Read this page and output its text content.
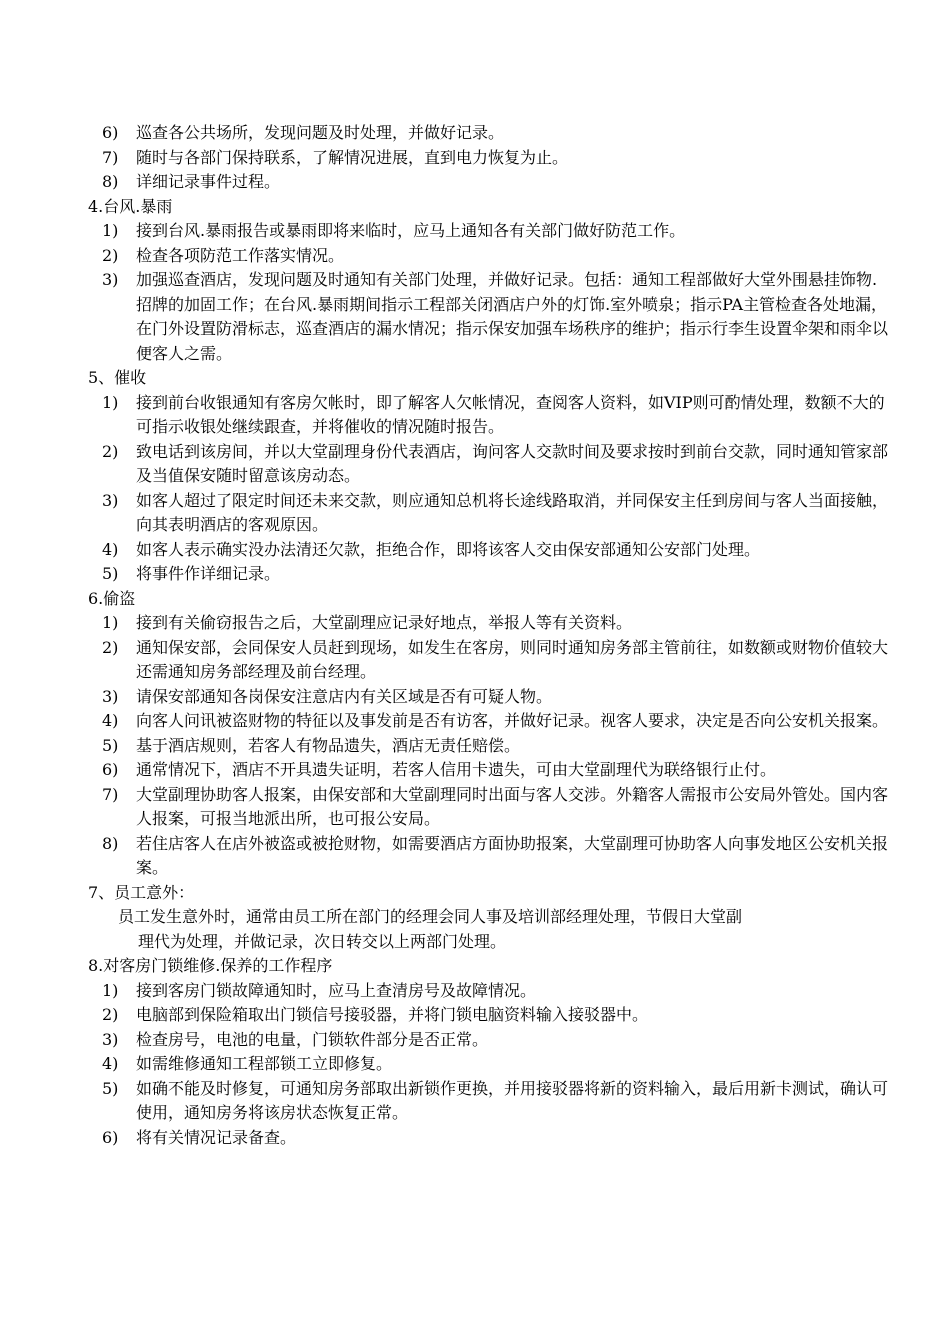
6) 巡查各公共场所，发现问题及时处理，并做好记录。
7) 随时与各部门保持联系，了解情况进展，直到电力恢复为止。
8) 详细记录事件过程。

4.台风.暴雨

1) 接到台风.暴雨报告或暴雨即将来临时，应马上通知各有关部门做好防范工作。
2) 检查各项防范工作落实情况。
3) 加强巡查酒店，发现问题及时通知有关部门处理，并做好记录。包括：通知工程部做好大堂外围悬挂饰物.招牌的加固工作；在台风.暴雨期间指示工程部关闭酒店户外的灯饰.室外喷泉；指示PA主管检查各处地漏，在门外设置防滑标志，巡查酒店的漏水情况；指示保安加强车场秩序的维护；指示行李生设置伞架和雨伞以便客人之需。

5、催收

1) 接到前台收银通知有客房欠帐时，即了解客人欠帐情况，查阅客人资料，如VIP则可酌情处理，数额不大的可指示收银处继续跟查，并将催收的情况随时报告。
2) 致电话到该房间，并以大堂副理身份代表酒店，询问客人交款时间及要求按时到前台交款，同时通知管家部及当值保安随时留意该房动态。
3) 如客人超过了限定时间还未来交款，则应通知总机将长途线路取消，并同保安主任到房间与客人当面接触，向其表明酒店的客观原因。
4) 如客人表示确实没办法清还欠款，拒绝合作，即将该客人交由保安部通知公安部门处理。
5) 将事件作详细记录。

6.偷盗

1) 接到有关偷窃报告之后，大堂副理应记录好地点，举报人等有关资料。
2) 通知保安部，会同保安人员赶到现场，如发生在客房，则同时通知房务部主管前往，如数额或财物价值较大还需通知房务部经理及前台经理。
3) 请保安部通知各岗保安注意店内有关区域是否有可疑人物。
4) 向客人问讯被盗财物的特征以及事发前是否有访客，并做好记录。视客人要求，决定是否向公安机关报案。
5) 基于酒店规则，若客人有物品遗失，酒店无责任赔偿。
6) 通常情况下，酒店不开具遗失证明，若客人信用卡遗失，可由大堂副理代为联络银行止付。
7) 大堂副理协助客人报案，由保安部和大堂副理同时出面与客人交涉。外籍客人需报市公安局外管处。国内客人报案，可报当地派出所，也可报公安局。
8) 若住店客人在店外被盗或被抢财物，如需要酒店方面协助报案，大堂副理可协助客人向事发地区公安机关报案。

7、员工意外：

员工发生意外时，通常由员工所在部门的经理会同人事及培训部经理处理，节假日大堂副
理代为处理，并做记录，次日转交以上两部门处理。

8.对客房门锁维修.保养的工作程序

1) 接到客房门锁故障通知时，应马上查清房号及故障情况。
2) 电脑部到保险箱取出门锁信号接驳器，并将门锁电脑资料输入接驳器中。
3) 检查房号，电池的电量，门锁软件部分是否正常。
4) 如需维修通知工程部锁工立即修复。
5) 如确不能及时修复，可通知房务部取出新锁作更换，并用接驳器将新的资料输入，最后用新卡测试，确认可使用，通知房务将该房状态恢复正常。
6) 将有关情况记录备查。
